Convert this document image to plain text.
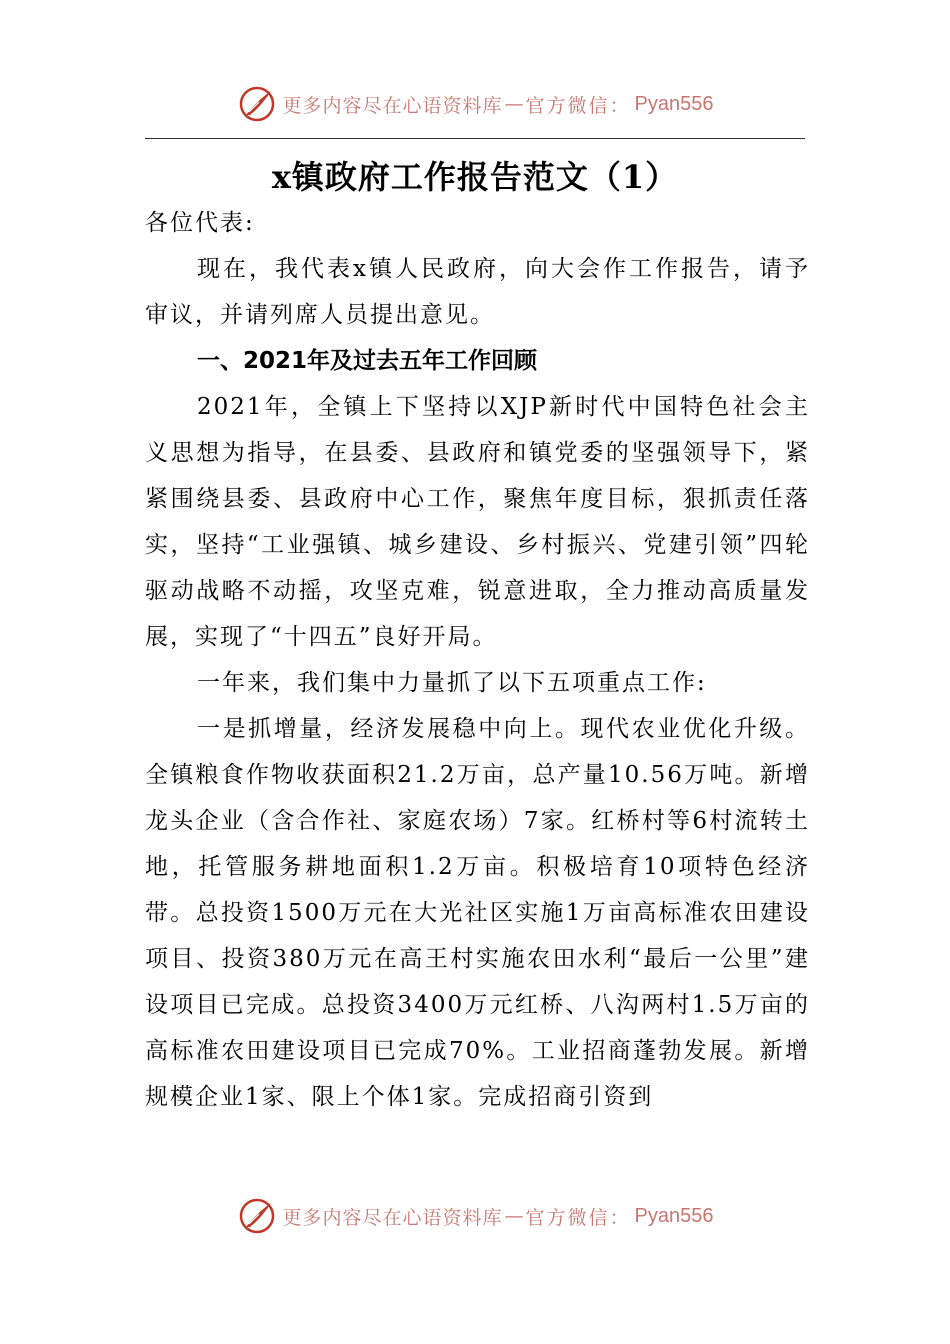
更多内容尽在心语资料库 — 官方微信： Pyan556
x镇政府工作报告范文（1）

各位代表:

现在，我代表x镇人民政府，向大会作工作报告，请予审议，并请列席人员提出意见。

一、2021年及过去五年工作回顾

2021年，全镇上下坚持以XJP新时代中国特色社会主义思想为指导，在县委、县政府和镇党委的坚强领导下，紧紧围绕县委、县政府中心工作，聚焦年度目标，狠抓责任落实，坚持“工业强镇、城乡建设、乡村振兴、党建引领”四轮驱动战略不动摇，攻坚克难，锐意进取，全力推动高质量发展，实现了“十四五”良好开局。

一年来，我们集中力量抓了以下五项重点工作:

一是抓增量，经济发展稳中向上。现代农业优化升级。全镇粮食作物收获面积21.2万亩，总产量10.56万吨。新增龙头企业（含合作社、家庭农场）7家。红桥村等6村流转土地，托管服务耕地面积1.2万亩。积极培育10项特色经济带。总投资1500万元在大光社区实施1万亩高标准农田建设项目、投资380万元在高王村实施农田水利“最后一公里”建设项目已完成。总投资3400万元红桥、八沟两村1.5万亩的高标准农田建设项目已完成70%。工业招商蓬勃发展。新增规模企业1家、限上个体1家。完成招商引资到

更多内容尽在心语资料库 — 官方微信： Pyan556
